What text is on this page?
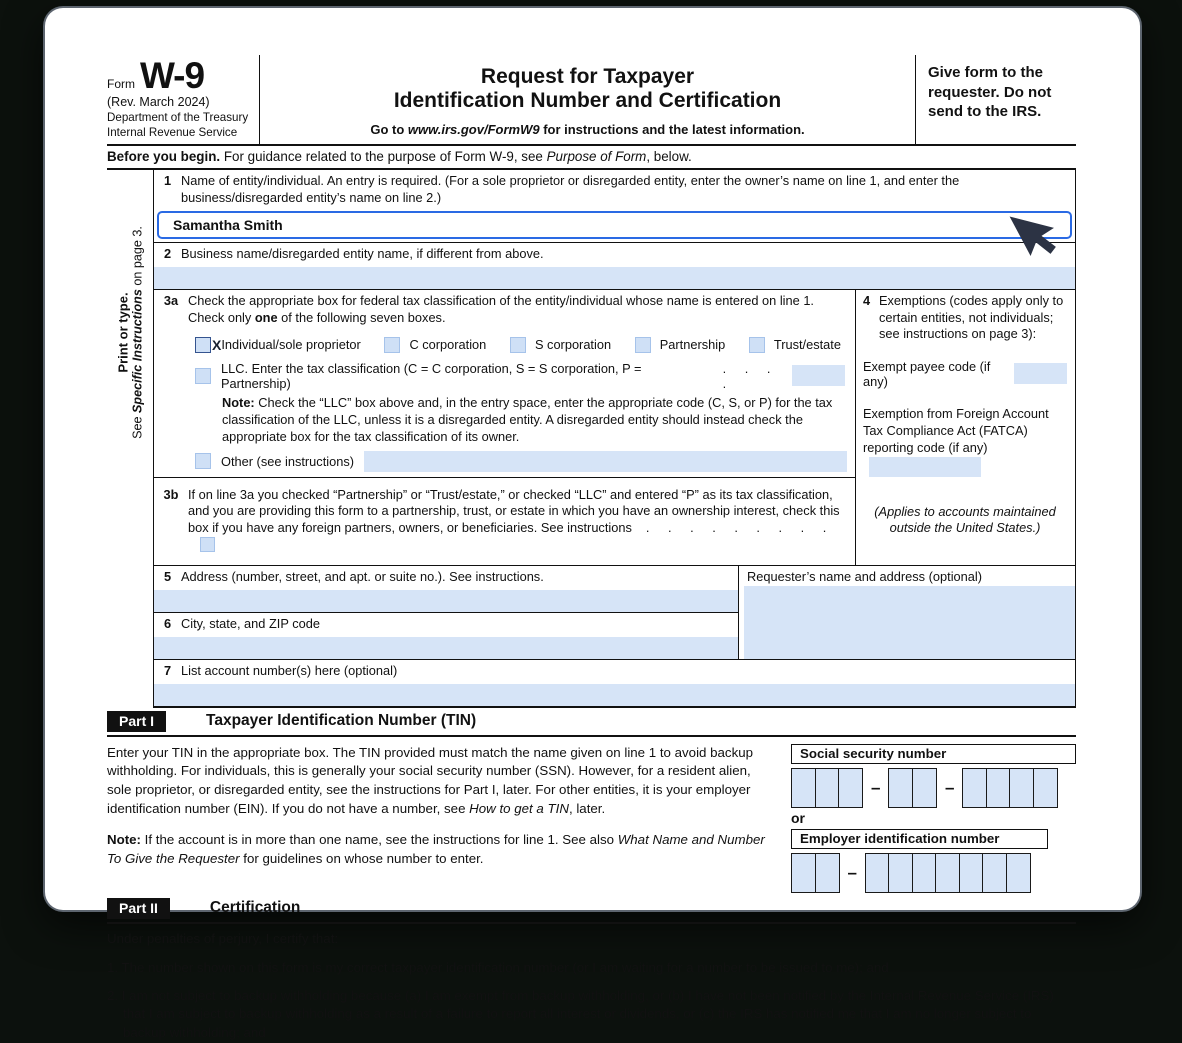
Form W-9
(Rev. March 2024)
Department of the Treasury
Internal Revenue Service
Request for Taxpayer
Identification Number and Certification
Go to www.irs.gov/FormW9 for instructions and the latest information.
Give form to the requester. Do not send to the IRS.
Before you begin. For guidance related to the purpose of Form W-9, see Purpose of Form, below.
Print or type.
See Specific Instructions on page 3.
1 Name of entity/individual. An entry is required. (For a sole proprietor or disregarded entity, enter the owner’s name on line 1, and enter the business/disregarded entity’s name on line 2.)
Samantha Smith
2 Business name/disregarded entity name, if different from above.
3a Check the appropriate box for federal tax classification of the entity/individual whose name is entered on line 1. Check only one of the following seven boxes.
X Individual/sole proprietor	C corporation	S corporation	Partnership	Trust/estate
LLC. Enter the tax classification (C = C corporation, S = S corporation, P = Partnership)
. . . .
Note: Check the “LLC” box above and, in the entry space, enter the appropriate code (C, S, or P) for the tax classification of the LLC, unless it is a disregarded entity. A disregarded entity should instead check the appropriate box for the tax classification of its owner.
Other (see instructions)
3b If on line 3a you checked “Partnership” or “Trust/estate,” or checked “LLC” and entered “P” as its tax classification, and you are providing this form to a partnership, trust, or estate in which you have an ownership interest, check this box if you have any foreign partners, owners, or beneficiaries. See instructions . . . . . . . . .
4 Exemptions (codes apply only to certain entities, not individuals; see instructions on page 3):
Exempt payee code (if any)
Exemption from Foreign Account Tax Compliance Act (FATCA) reporting code (if any)
(Applies to accounts maintained outside the United States.)
5 Address (number, street, and apt. or suite no.). See instructions.
6 City, state, and ZIP code
Requester’s name and address (optional)
7 List account number(s) here (optional)
Part I	Taxpayer Identification Number (TIN)

Enter your TIN in the appropriate box. The TIN provided must match the name given on line 1 to avoid backup withholding. For individuals, this is generally your social security number (SSN). However, for a resident alien, sole proprietor, or disregarded entity, see the instructions for Part I, later. For other entities, it is your employer identification number (EIN). If you do not have a number, see How to get a TIN, later.

Note: If the account is in more than one name, see the instructions for line 1. See also What Name and Number To Give the Requester for guidelines on whose number to enter.

Social security number
–	–
or
Employer identification number
–
Part II	Certification
Under penalties of perjury, I certify that:
1. The number shown on this form is my correct taxpayer identification number (or I am waiting for a number to be issued to me); and
2. I am not subject to backup withholding because (a) I am exempt from backup withholding, or (b) I have not been notified by the Internal Revenue Service (IRS) that I am subject to backup withholding as a result of a failure to report all interest or dividends, or (c) the IRS has notified me that I am no longer subject to backup withholding; and
